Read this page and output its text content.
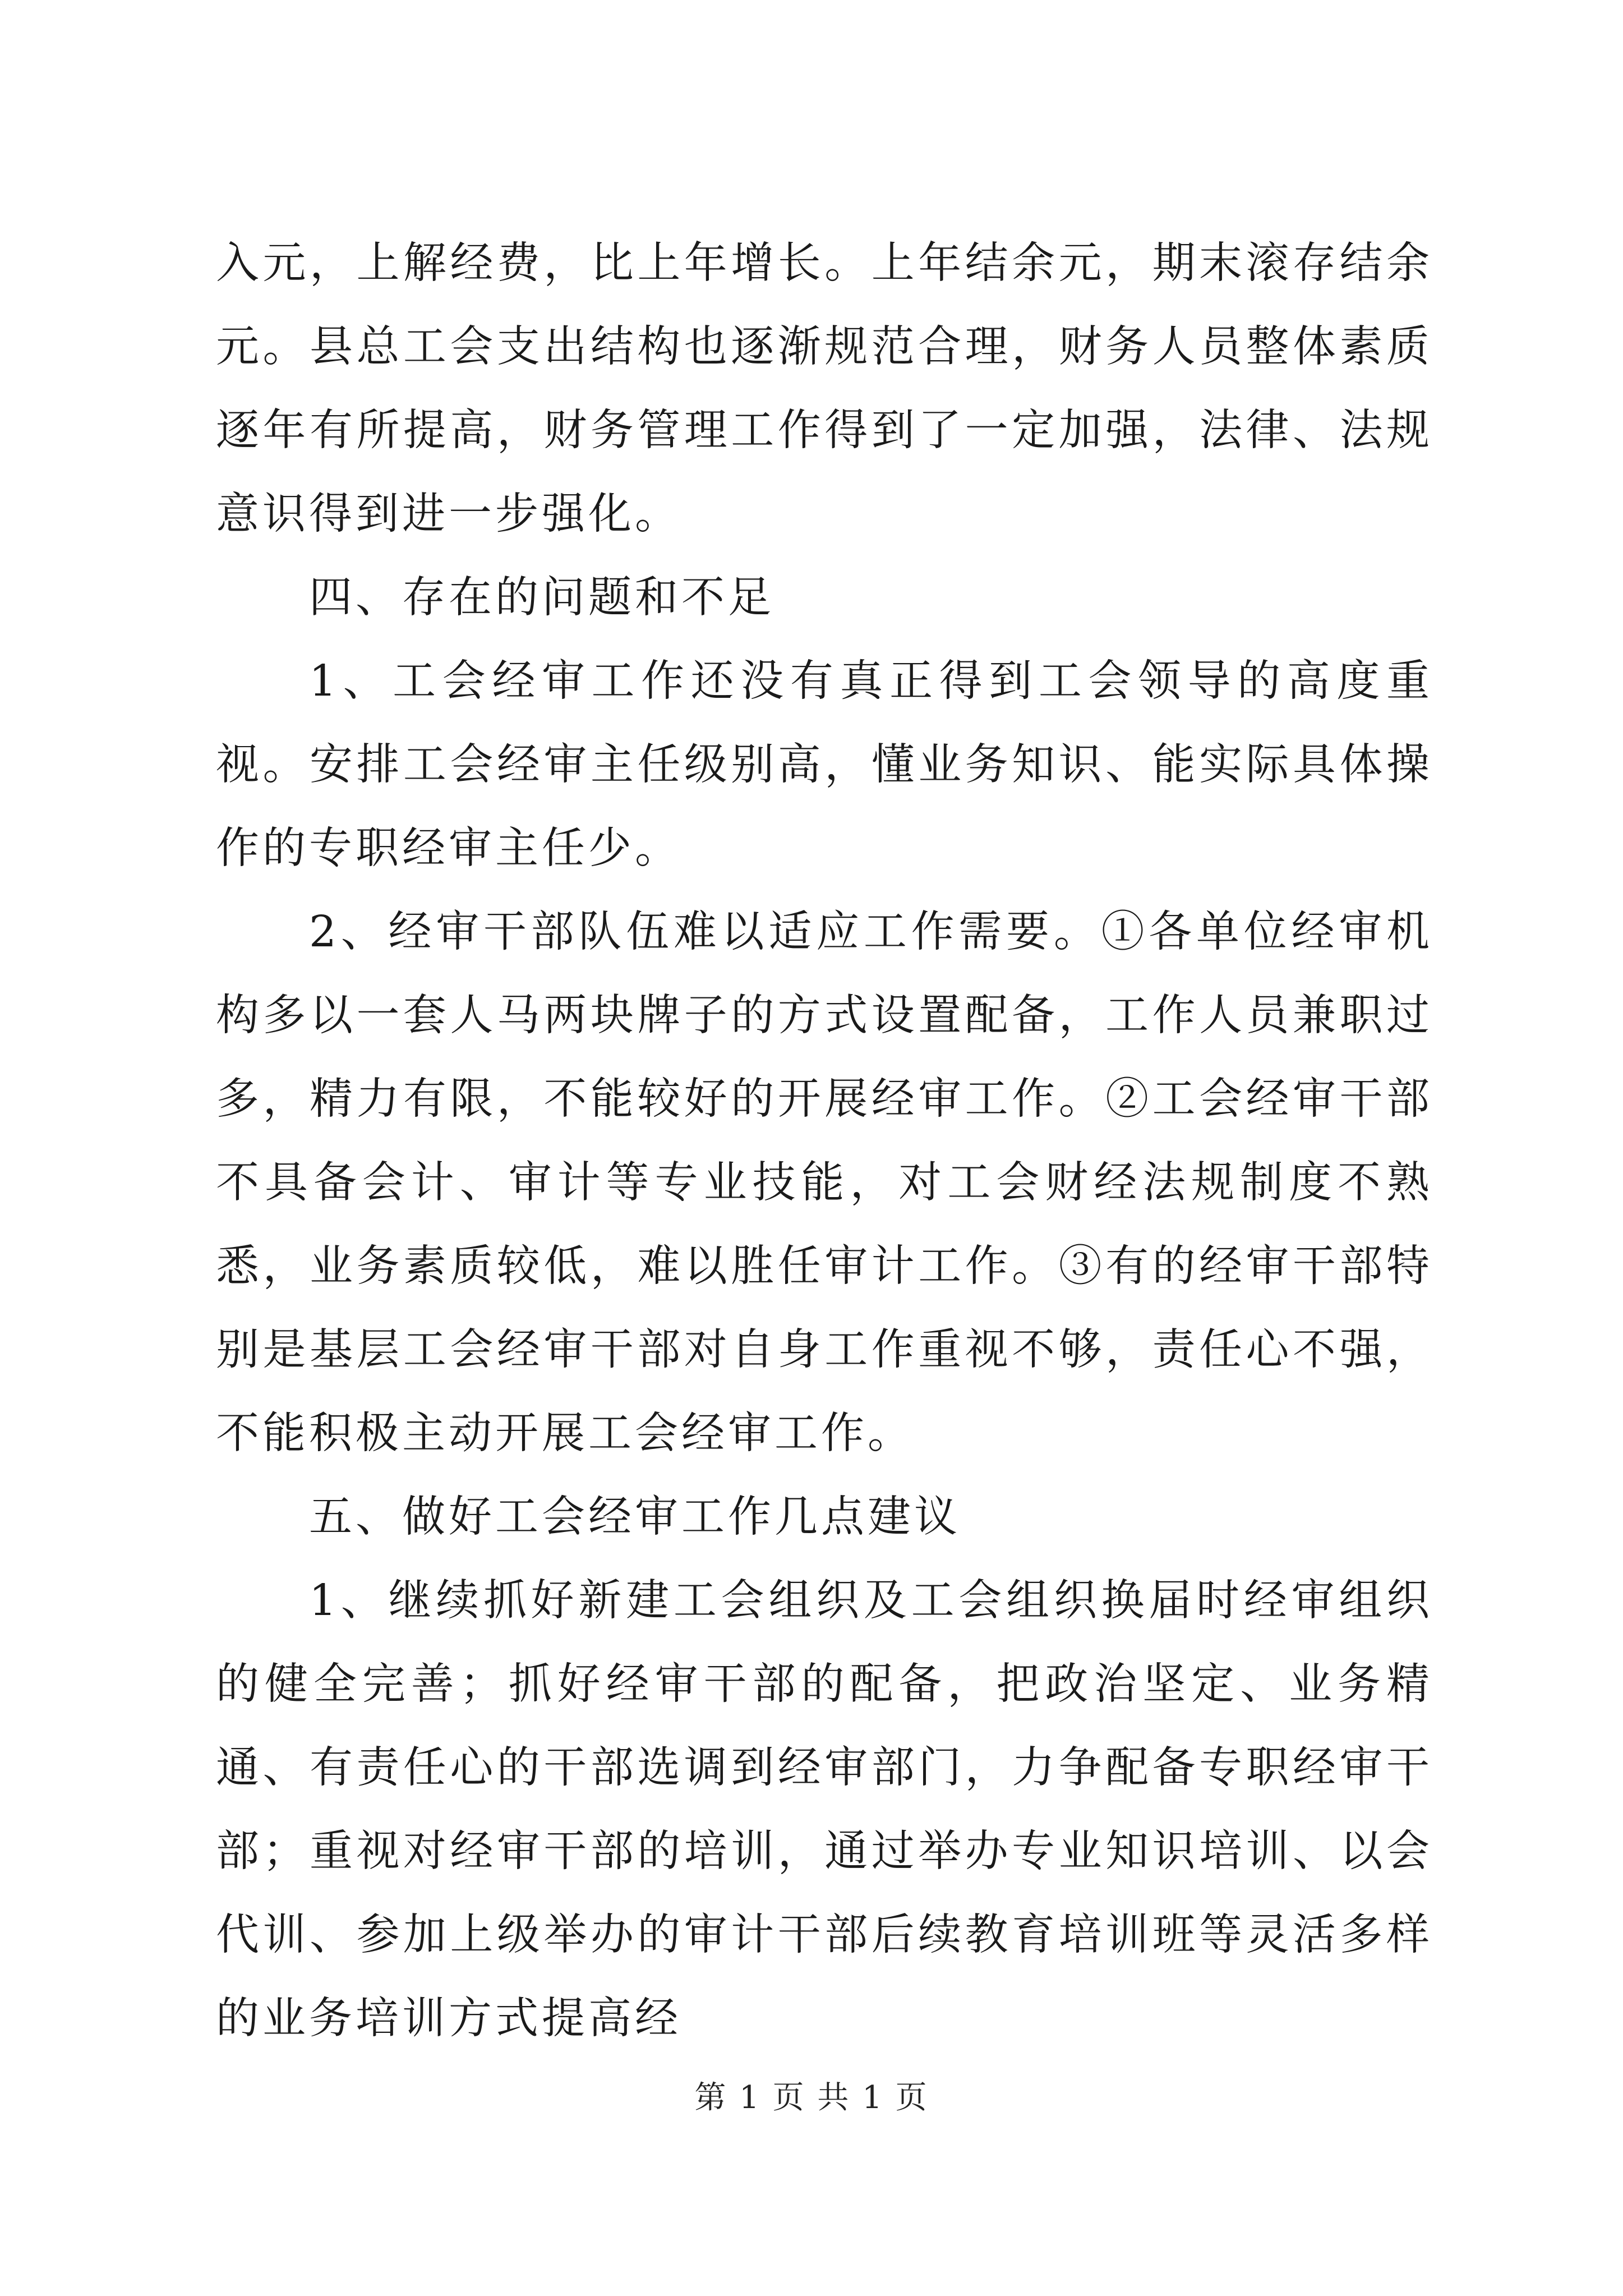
入元，上解经费，比上年增长。上年结余元，期末滚存结余元。县总工会支出结构也逐渐规范合理，财务人员整体素质逐年有所提高，财务管理工作得到了一定加强，法律、法规意识得到进一步强化。

四、存在的问题和不足

1、工会经审工作还没有真正得到工会领导的高度重视。安排工会经审主任级别高，懂业务知识、能实际具体操作的专职经审主任少。

2、经审干部队伍难以适应工作需要。①各单位经审机构多以一套人马两块牌子的方式设置配备，工作人员兼职过多，精力有限，不能较好的开展经审工作。②工会经审干部不具备会计、审计等专业技能，对工会财经法规制度不熟悉，业务素质较低，难以胜任审计工作。③有的经审干部特别是基层工会经审干部对自身工作重视不够，责任心不强，不能积极主动开展工会经审工作。

五、做好工会经审工作几点建议

1、继续抓好新建工会组织及工会组织换届时经审组织的健全完善；抓好经审干部的配备，把政治坚定、业务精通、有责任心的干部选调到经审部门，力争配备专职经审干部；重视对经审干部的培训，通过举办专业知识培训、以会代训、参加上级举办的审计干部后续教育培训班等灵活多样的业务培训方式提高经

第 1 页 共 1 页
